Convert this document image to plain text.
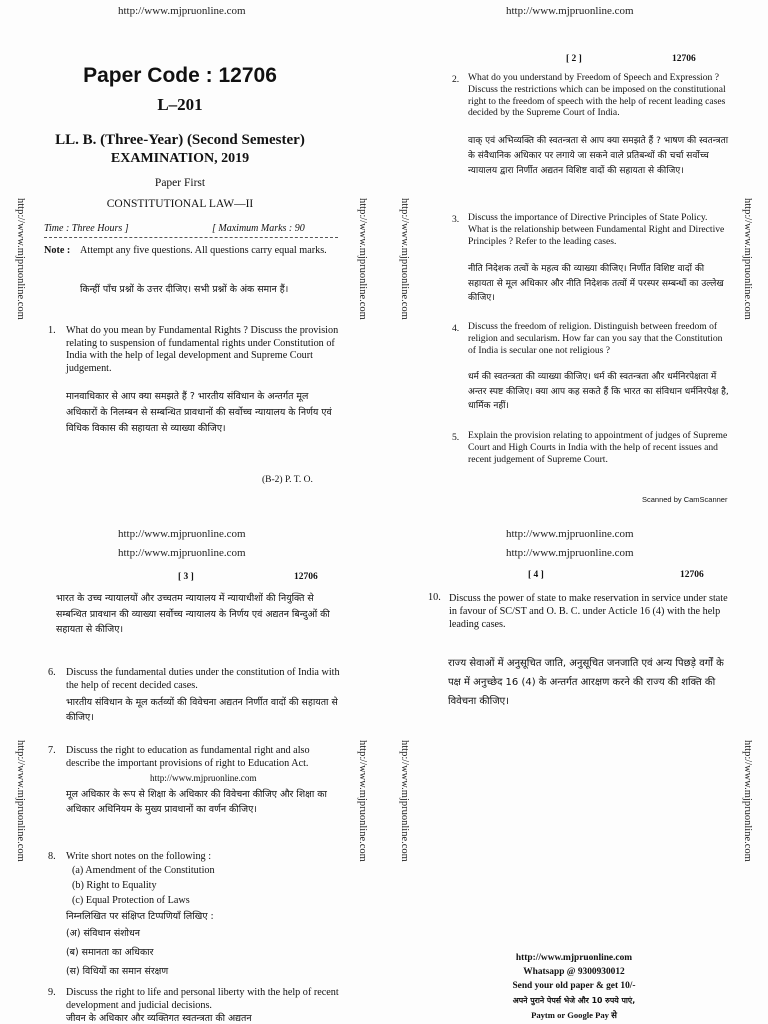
http://www.mjpruonline.com
http://www.mjpruonline.com	http://www.mjpruonline.com
Paper Code : 12706
L–201
LL. B. (Three-Year) (Second Semester)
EXAMINATION, 2019
Paper First
CONSTITUTIONAL LAW—II
Time : Three Hours ]	[ Maximum Marks : 90
Note : Attempt any five questions. All questions carry equal marks.
किन्हीं पाँच प्रश्नों के उत्तर दीजिए। सभी प्रश्नों के अंक समान हैं।
1. What do you mean by Fundamental Rights ? Discuss the provision relating to suspension of fundamental rights under Constitution of India with the help of legal development and Supreme Court judgement.
मानवाधिकार से आप क्या समझते हैं ? भारतीय संविधान के अन्तर्गत मूल अधिकारों के निलम्बन से सम्बन्धित प्रावधानों की सर्वोच्च न्यायालय के निर्णय एवं विधिक विकास की सहायता से व्याख्या कीजिए।
(B-2) P. T. O.
http://www.mjpruonline.com
http://www.mjpruonline.com	http://www.mjpruonline.com
[ 2 ]	12706
2. What do you understand by Freedom of Speech and Expression ? Discuss the restrictions which can be imposed on the constitutional right to the freedom of speech with the help of recent leading cases decided by the Supreme Court of India.
वाक् एवं अभिव्यक्ति की स्वतन्त्रता से आप क्या समझते हैं ? भाषण की स्वतन्त्रता के संवैधानिक अधिकार पर लगाये जा सकने वाले प्रतिबन्धों की चर्चा सर्वोच्च न्यायालय द्वारा निर्णीत अद्यतन विशिष्ट वादों की सहायता से कीजिए।
3. Discuss the importance of Directive Principles of State Policy. What is the relationship between Fundamental Right and Directive Principles ? Refer to the leading cases.
नीति निदेशक तत्वों के महत्व की व्याख्या कीजिए। निर्णीत विशिष्ट वादों की सहायता से मूल अधिकार और नीति निदेशक तत्वों में परस्पर सम्बन्धों का उल्लेख कीजिए।
4. Discuss the freedom of religion. Distinguish between freedom of religion and secularism. How far can you say that the Constitution of India is secular one not religious ?
धर्म की स्वतन्त्रता की व्याख्या कीजिए। धर्म की स्वतन्त्रता और धर्मनिरपेक्षता में अन्तर स्पष्ट कीजिए। क्या आप कह सकते हैं कि भारत का संविधान धर्मनिरपेक्ष है, धार्मिक नहीं।
5. Explain the provision relating to appointment of judges of Supreme Court and High Courts in India with the help of recent issues and recent judgement of Supreme Court.
Scanned by CamScanner
http://www.mjpruonline.com
http://www.mjpruonline.com
http://www.mjpruonline.com	http://www.mjpruonline.com
[ 3 ]	12706
भारत के उच्च न्यायालयों और उच्चतम न्यायालय में न्यायाधीशों की नियुक्ति से सम्बन्धित प्रावधान की व्याख्या सर्वोच्च न्यायालय के निर्णय एवं अद्यतन बिन्दुओं की सहायता से कीजिए।
6. Discuss the fundamental duties under the constitution of India with the help of recent decided cases.
भारतीय संविधान के मूल कर्तव्यों की विवेचना अद्यतन निर्णीत वादों की सहायता से कीजिए।
7. Discuss the right to education as fundamental right and also describe the important provisions of right to Education Act.
http://www.mjpruonline.com
मूल अधिकार के रूप से शिक्षा के अधिकार की विवेचना कीजिए और शिक्षा का अधिकार अधिनियम के मुख्य प्रावधानों का वर्णन कीजिए।
8. Write short notes on the following :
(a) Amendment of the Constitution
(b) Right to Equality
(c) Equal Protection of Laws
निम्नलिखित पर संक्षिप्त टिप्पणियाँ लिखिए :
(अ) संविधान संशोधन
(ब) समानता का अधिकार
(स) विधियों का समान संरक्षण
9. Discuss the right to life and personal liberty with the help of recent development and judicial decisions.
जीवन के अधिकार और व्यक्तिगत स्वतन्त्रता की अद्यतन
http://www.mjpruonline.com
http://www.mjpruonline.com
http://www.mjpruonline.com	http://www.mjpruonline.com
[ 4 ]	12706
10. Discuss the power of state to make reservation in service under state in favour of SC/ST and O. B. C. under Acticle 16 (4) with the help leading cases.
राज्य सेवाओं में अनुसूचित जाति, अनुसूचित जनजाति एवं अन्य पिछड़े वर्गों के पक्ष में अनुच्छेद 16 (4) के अन्तर्गत आरक्षण करने की राज्य की शक्ति की विवेचना कीजिए।
http://www.mjpruonline.com
Whatsapp @ 9300930012
Send your old paper & get 10/-
अपने पुराने पेपर्स भेजे और 10 रुपये पाएं,
Paytm or Google Pay से
